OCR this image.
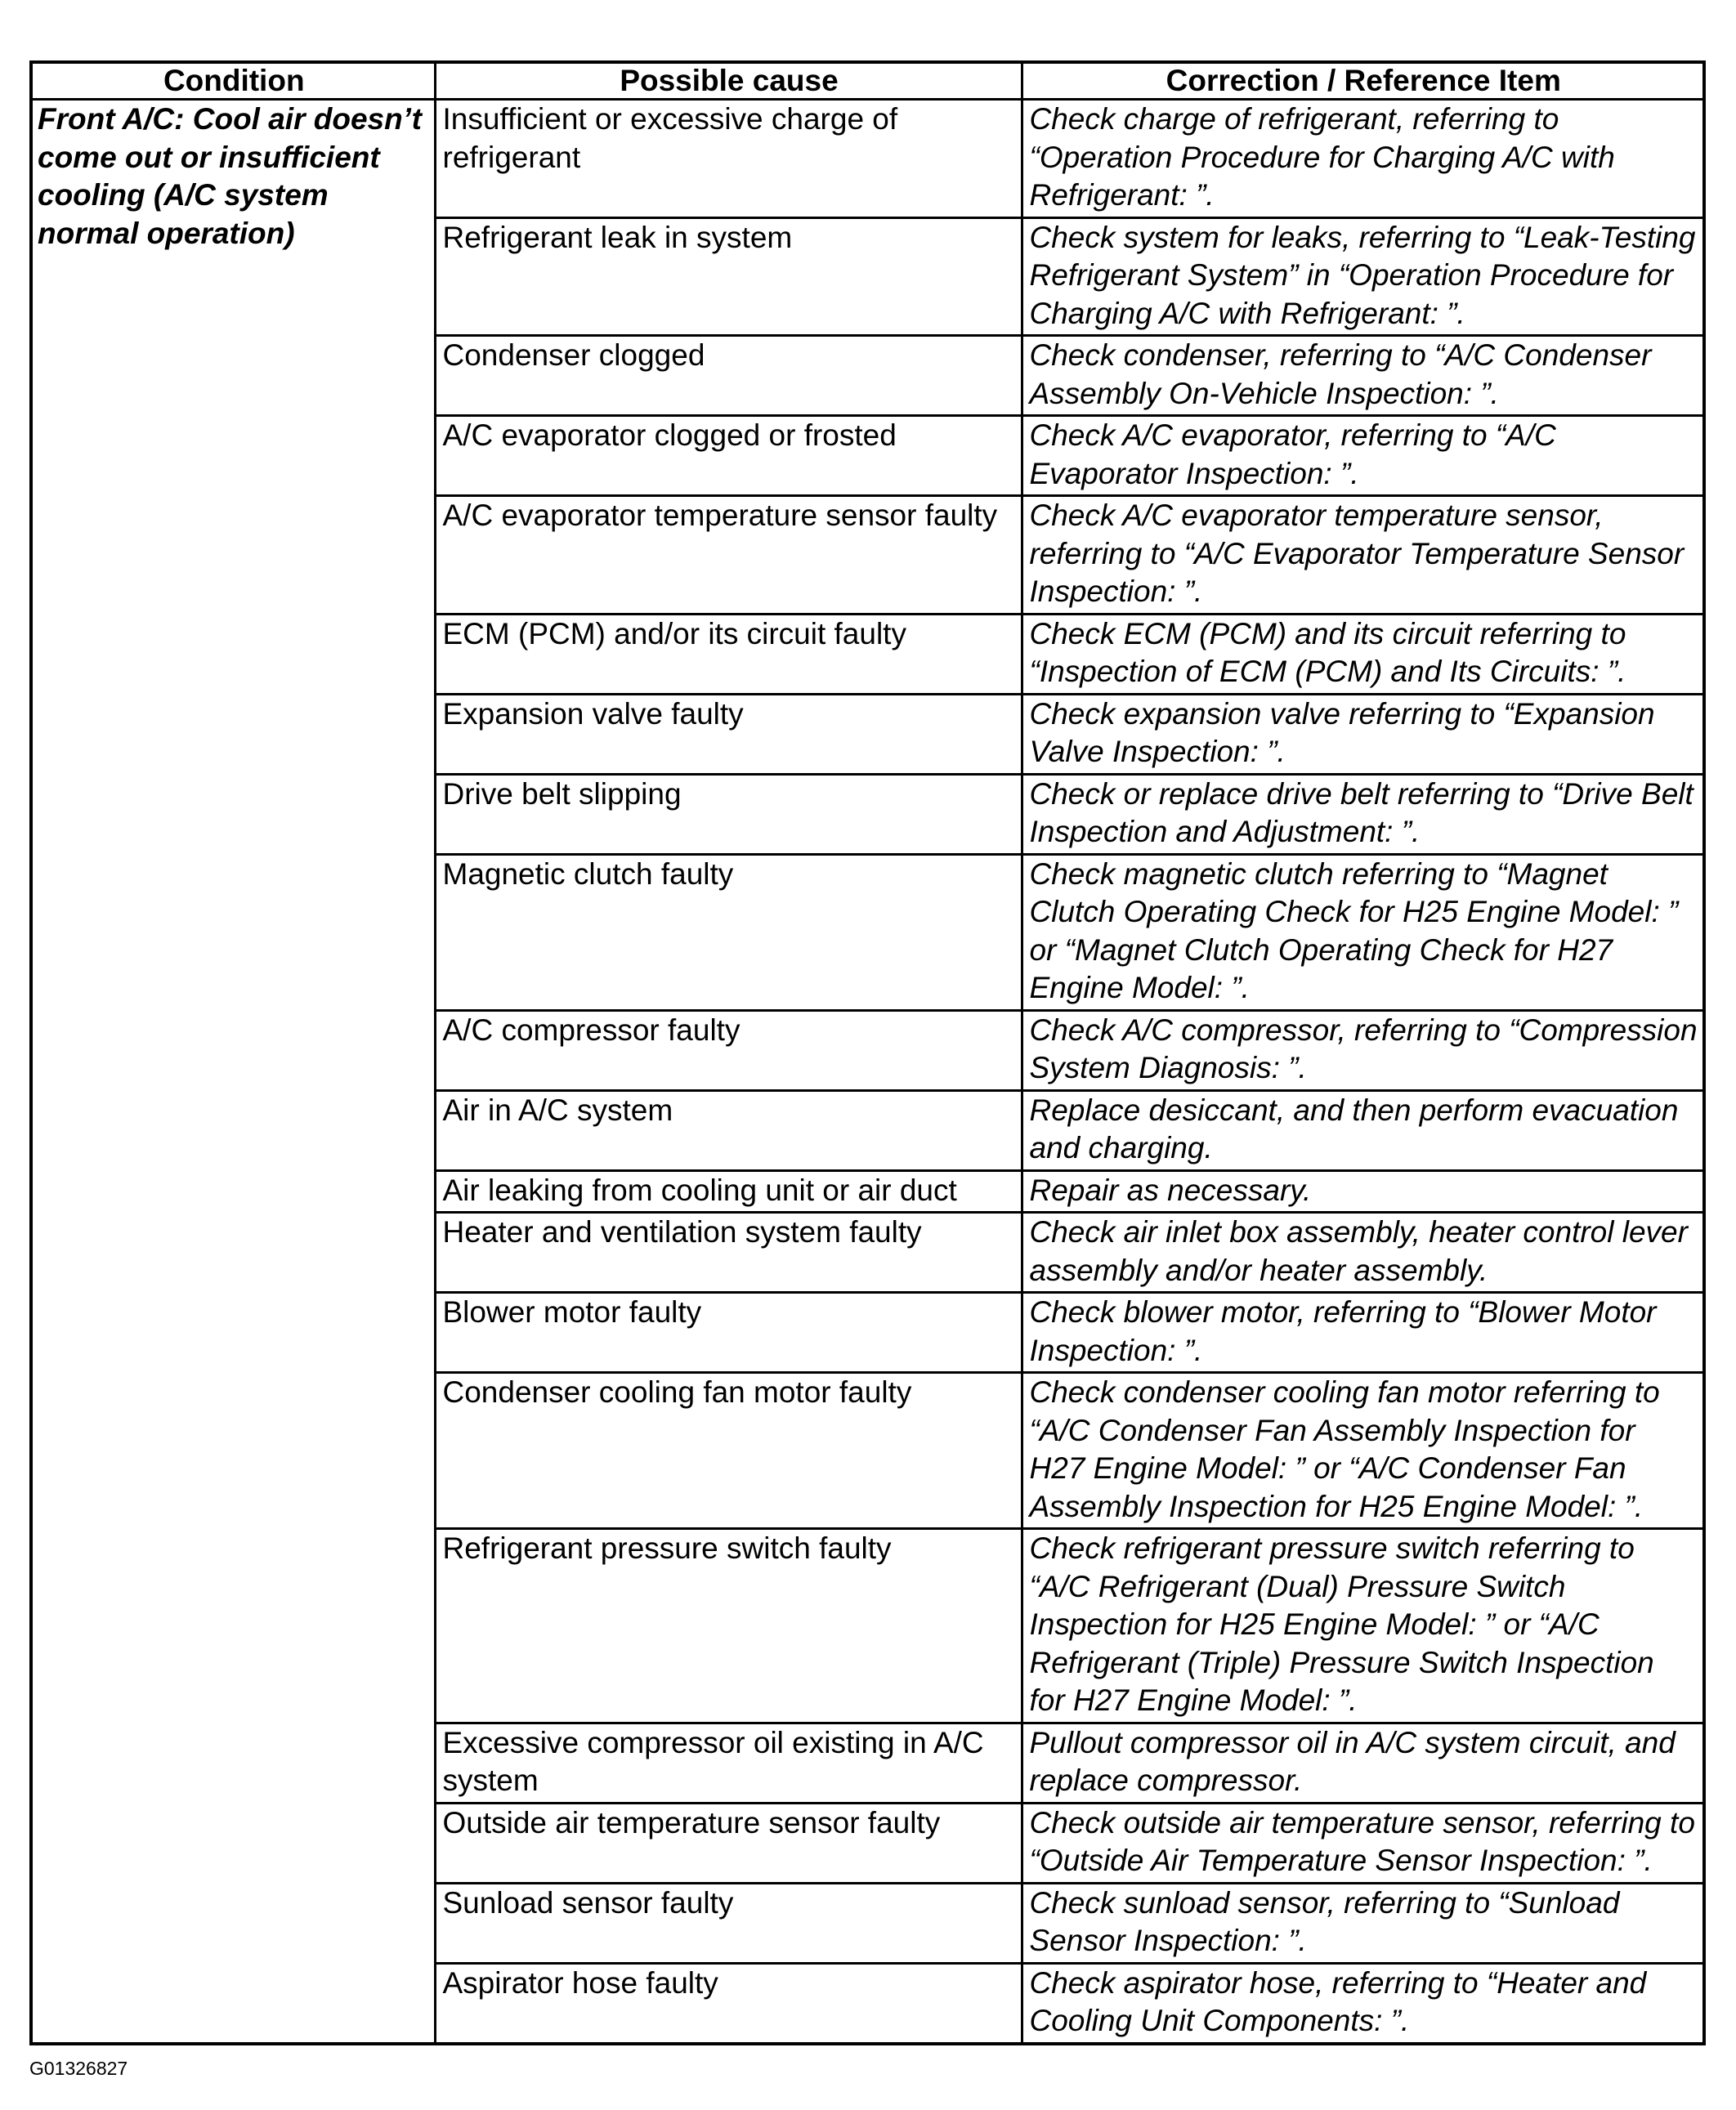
Condition	Possible cause	Correction / Reference Item
Front A/C: Cool air doesn’t come out or insufficient cooling (A/C system normal operation)	Insufficient or excessive charge of refrigerant	Check charge of refrigerant, referring to “Operation Procedure for Charging A/C with Refrigerant: ”.
	Refrigerant leak in system	Check system for leaks, referring to “Leak-Testing Refrigerant System” in “Operation Procedure for Charging A/C with Refrigerant: ”.
	Condenser clogged	Check condenser, referring to “A/C Condenser Assembly On-Vehicle Inspection: ”.
	A/C evaporator clogged or frosted	Check A/C evaporator, referring to “A/C Evaporator Inspection: ”.
	A/C evaporator temperature sensor faulty	Check A/C evaporator temperature sensor, referring to “A/C Evaporator Temperature Sensor Inspection: ”.
	ECM (PCM) and/or its circuit faulty	Check ECM (PCM) and its circuit referring to “Inspection of ECM (PCM) and Its Circuits: ”.
	Expansion valve faulty	Check expansion valve referring to “Expansion Valve Inspection: ”.
	Drive belt slipping	Check or replace drive belt referring to “Drive Belt Inspection and Adjustment: ”.
	Magnetic clutch faulty	Check magnetic clutch referring to “Magnet Clutch Operating Check for H25 Engine Model: ” or “Magnet Clutch Operating Check for H27 Engine Model: ”.
	A/C compressor faulty	Check A/C compressor, referring to “Compression System Diagnosis: ”.
	Air in A/C system	Replace desiccant, and then perform evacuation and charging.
	Air leaking from cooling unit or air duct	Repair as necessary.
	Heater and ventilation system faulty	Check air inlet box assembly, heater control lever assembly and/or heater assembly.
	Blower motor faulty	Check blower motor, referring to “Blower Motor Inspection: ”.
	Condenser cooling fan motor faulty	Check condenser cooling fan motor referring to “A/C Condenser Fan Assembly Inspection for H27 Engine Model: ” or “A/C Condenser Fan Assembly Inspection for H25 Engine Model: ”.
	Refrigerant pressure switch faulty	Check refrigerant pressure switch referring to “A/C Refrigerant (Dual) Pressure Switch Inspection for H25 Engine Model: ” or “A/C Refrigerant (Triple) Pressure Switch Inspection for H27 Engine Model: ”.
	Excessive compressor oil existing in A/C system	Pullout compressor oil in A/C system circuit, and replace compressor.
	Outside air temperature sensor faulty	Check outside air temperature sensor, referring to “Outside Air Temperature Sensor Inspection: ”.
	Sunload sensor faulty	Check sunload sensor, referring to “Sunload Sensor Inspection: ”.
	Aspirator hose faulty	Check aspirator hose, referring to “Heater and Cooling Unit Components: ”.
G01326827
